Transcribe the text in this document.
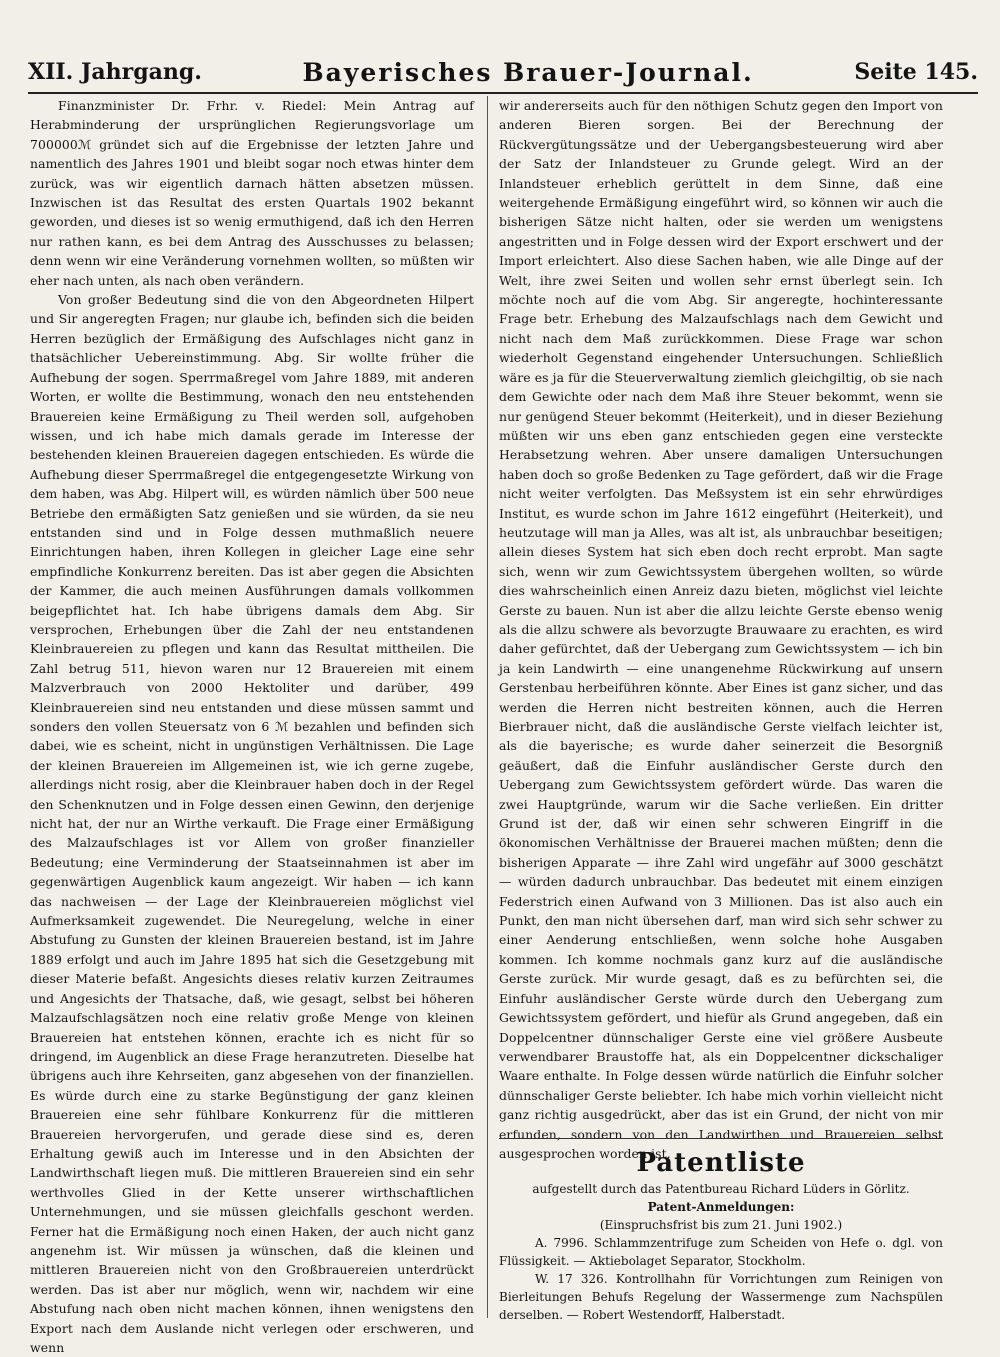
XII. Jahrgang.	Bayerisches Brauer-Journal.	Seite 145.

Finanzminister Dr. Frhr. v. Riedel: Mein Antrag auf Herabminderung der ursprünglichen Regierungsvorlage um 700000ℳ gründet sich auf die Ergebnisse der letzten Jahre und namentlich des Jahres 1901 und bleibt sogar noch etwas hinter dem zurück, was wir eigentlich darnach hätten absetzen müssen. Inzwischen ist das Resultat des ersten Quartals 1902 bekannt geworden, und dieses ist so wenig ermuthigend, daß ich den Herren nur rathen kann, es bei dem Antrag des Ausschusses zu belassen; denn wenn wir eine Veränderung vornehmen wollten, so müßten wir eher nach unten, als nach oben verändern.

Von großer Bedeutung sind die von den Abgeordneten Hilpert und Sir angeregten Fragen; nur glaube ich, befinden sich die beiden Herren bezüglich der Ermäßigung des Aufschlages nicht ganz in thatsächlicher Uebereinstimmung. Abg. Sir wollte früher die Aufhebung der sogen. Sperrmaßregel vom Jahre 1889, mit anderen Worten, er wollte die Bestimmung, wonach den neu entstehenden Brauereien keine Ermäßigung zu Theil werden soll, aufgehoben wissen, und ich habe mich damals gerade im Interesse der bestehenden kleinen Brauereien dagegen entschieden. Es würde die Aufhebung dieser Sperrmaßregel die entgegengesetzte Wirkung von dem haben, was Abg. Hilpert will, es würden nämlich über 500 neue Betriebe den ermäßigten Satz genießen und sie würden, da sie neu entstanden sind und in Folge dessen muthmaßlich neuere Einrichtungen haben, ihren Kollegen in gleicher Lage eine sehr empfindliche Konkurrenz bereiten. Das ist aber gegen die Absichten der Kammer, die auch meinen Ausführungen damals vollkommen beigepflichtet hat. Ich habe übrigens damals dem Abg. Sir versprochen, Erhebungen über die Zahl der neu entstandenen Kleinbrauereien zu pflegen und kann das Resultat mittheilen. Die Zahl betrug 511, hievon waren nur 12 Brauereien mit einem Malzverbrauch von 2000 Hektoliter und darüber, 499 Kleinbrauereien sind neu entstanden und diese müssen sammt und sonders den vollen Steuersatz von 6 ℳ bezahlen und befinden sich dabei, wie es scheint, nicht in ungünstigen Verhältnissen. Die Lage der kleinen Brauereien im Allgemeinen ist, wie ich gerne zugebe, allerdings nicht rosig, aber die Kleinbrauer haben doch in der Regel den Schenknutzen und in Folge dessen einen Gewinn, den derjenige nicht hat, der nur an Wirthe verkauft. Die Frage einer Ermäßigung des Malzaufschlages ist vor Allem von großer finanzieller Bedeutung; eine Verminderung der Staatseinnahmen ist aber im gegenwärtigen Augenblick kaum angezeigt. Wir haben — ich kann das nachweisen — der Lage der Kleinbrauereien möglichst viel Aufmerksamkeit zugewendet. Die Neuregelung, welche in einer Abstufung zu Gunsten der kleinen Brauereien bestand, ist im Jahre 1889 erfolgt und auch im Jahre 1895 hat sich die Gesetzgebung mit dieser Materie befaßt. Angesichts dieses relativ kurzen Zeitraumes und Angesichts der Thatsache, daß, wie gesagt, selbst bei höheren Malzaufschlagsätzen noch eine relativ große Menge von kleinen Brauereien hat entstehen können, erachte ich es nicht für so dringend, im Augenblick an diese Frage heranzutreten. Dieselbe hat übrigens auch ihre Kehrseiten, ganz abgesehen von der finanziellen. Es würde durch eine zu starke Begünstigung der ganz kleinen Brauereien eine sehr fühlbare Konkurrenz für die mittleren Brauereien hervorgerufen, und gerade diese sind es, deren Erhaltung gewiß auch im Interesse und in den Absichten der Landwirthschaft liegen muß. Die mittleren Brauereien sind ein sehr werthvolles Glied in der Kette unserer wirthschaftlichen Unternehmungen, und sie müssen gleichfalls geschont werden. Ferner hat die Ermäßigung noch einen Haken, der auch nicht ganz angenehm ist. Wir müssen ja wünschen, daß die kleinen und mittleren Brauereien nicht von den Großbrauereien unterdrückt werden. Das ist aber nur möglich, wenn wir, nachdem wir eine Abstufung nach oben nicht machen können, ihnen wenigstens den Export nach dem Auslande nicht verlegen oder erschweren, und wenn

wir andererseits auch für den nöthigen Schutz gegen den Import von anderen Bieren sorgen. Bei der Berechnung der Rückvergütungssätze und der Uebergangsbesteuerung wird aber der Satz der Inlandsteuer zu Grunde gelegt. Wird an der Inlandsteuer erheblich gerüttelt in dem Sinne, daß eine weitergehende Ermäßigung eingeführt wird, so können wir auch die bisherigen Sätze nicht halten, oder sie werden um wenigstens angestritten und in Folge dessen wird der Export erschwert und der Import erleichtert. Also diese Sachen haben, wie alle Dinge auf der Welt, ihre zwei Seiten und wollen sehr ernst überlegt sein. Ich möchte noch auf die vom Abg. Sir angeregte, hochinteressante Frage betr. Erhebung des Malzaufschlags nach dem Gewicht und nicht nach dem Maß zurückkommen. Diese Frage war schon wiederholt Gegenstand eingehender Untersuchungen. Schließlich wäre es ja für die Steuerverwaltung ziemlich gleichgiltig, ob sie nach dem Gewichte oder nach dem Maß ihre Steuer bekommt, wenn sie nur genügend Steuer bekommt (Heiterkeit), und in dieser Beziehung müßten wir uns eben ganz entschieden gegen eine versteckte Herabsetzung wehren. Aber unsere damaligen Untersuchungen haben doch so große Bedenken zu Tage gefördert, daß wir die Frage nicht weiter verfolgten. Das Meßsystem ist ein sehr ehrwürdiges Institut, es wurde schon im Jahre 1612 eingeführt (Heiterkeit), und heutzutage will man ja Alles, was alt ist, als unbrauchbar beseitigen; allein dieses System hat sich eben doch recht erprobt. Man sagte sich, wenn wir zum Gewichtssystem übergehen wollten, so würde dies wahrscheinlich einen Anreiz dazu bieten, möglichst viel leichte Gerste zu bauen. Nun ist aber die allzu leichte Gerste ebenso wenig als die allzu schwere als bevorzugte Brauwaare zu erachten, es wird daher gefürchtet, daß der Uebergang zum Gewichtssystem — ich bin ja kein Landwirth — eine unangenehme Rückwirkung auf unsern Gerstenbau herbeiführen könnte. Aber Eines ist ganz sicher, und das werden die Herren nicht bestreiten können, auch die Herren Bierbrauer nicht, daß die ausländische Gerste vielfach leichter ist, als die bayerische; es wurde daher seinerzeit die Besorgniß geäußert, daß die Einfuhr ausländischer Gerste durch den Uebergang zum Gewichtssystem gefördert würde. Das waren die zwei Hauptgründe, warum wir die Sache verließen. Ein dritter Grund ist der, daß wir einen sehr schweren Eingriff in die ökonomischen Verhältnisse der Brauerei machen müßten; denn die bisherigen Apparate — ihre Zahl wird ungefähr auf 3000 geschätzt — würden dadurch unbrauchbar. Das bedeutet mit einem einzigen Federstrich einen Aufwand von 3 Millionen. Das ist also auch ein Punkt, den man nicht übersehen darf, man wird sich sehr schwer zu einer Aenderung entschließen, wenn solche hohe Ausgaben kommen. Ich komme nochmals ganz kurz auf die ausländische Gerste zurück. Mir wurde gesagt, daß es zu befürchten sei, die Einfuhr ausländischer Gerste würde durch den Uebergang zum Gewichtssystem gefördert, und hiefür als Grund angegeben, daß ein Doppelcentner dünnschaliger Gerste eine viel größere Ausbeute verwendbarer Braustoffe hat, als ein Doppelcentner dickschaliger Waare enthalte. In Folge dessen würde natürlich die Einfuhr solcher dünnschaliger Gerste beliebter. Ich habe mich vorhin vielleicht nicht ganz richtig ausgedrückt, aber das ist ein Grund, der nicht von mir erfunden, sondern von den Landwirthen und Brauereien selbst ausgesprochen worden ist.

Patentliste
aufgestellt durch das Patentbureau Richard Lüders in Görlitz.
Patent-Anmeldungen:
(Einspruchsfrist bis zum 21. Juni 1902.)
A. 7996. Schlammzentrifuge zum Scheiden von Hefe o. dgl. von Flüssigkeit. — Aktiebolaget Separator, Stockholm.
W. 17 326. Kontrollhahn für Vorrichtungen zum Reinigen von Bierleitungen Behufs Regelung der Wassermenge zum Nachspülen derselben. — Robert Westendorff, Halberstadt.
